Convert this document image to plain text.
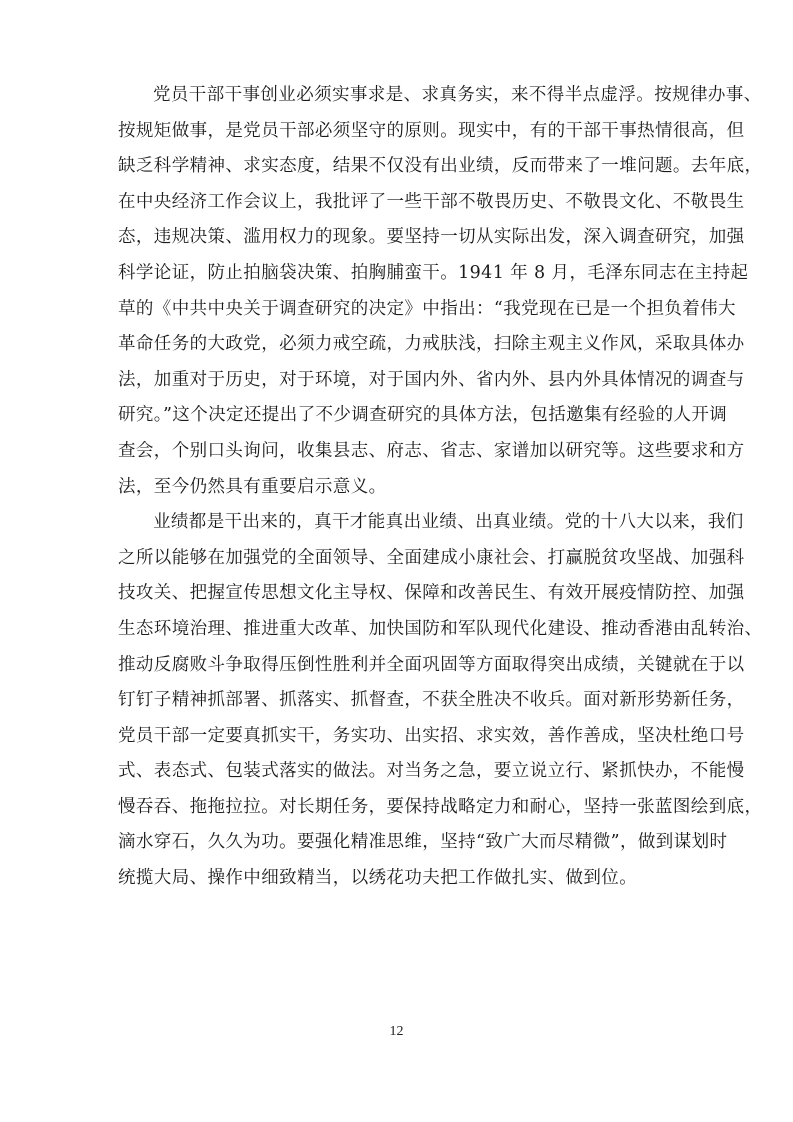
党员干部干事创业必须实事求是、求真务实，来不得半点虚浮。按规律办事、
按规矩做事，是党员干部必须坚守的原则。现实中，有的干部干事热情很高，但
缺乏科学精神、求实态度，结果不仅没有出业绩，反而带来了一堆问题。去年底，
在中央经济工作会议上，我批评了一些干部不敬畏历史、不敬畏文化、不敬畏生
态，违规决策、滥用权力的现象。要坚持一切从实际出发，深入调查研究，加强
科学论证，防止拍脑袋决策、拍胸脯蛮干。1941 年 8 月，毛泽东同志在主持起
草的《中共中央关于调查研究的决定》中指出：“我党现在已是一个担负着伟大
革命任务的大政党，必须力戒空疏，力戒肤浅，扫除主观主义作风，采取具体办
法，加重对于历史，对于环境，对于国内外、省内外、县内外具体情况的调查与
研究。”这个决定还提出了不少调查研究的具体方法，包括邀集有经验的人开调
查会，个别口头询问，收集县志、府志、省志、家谱加以研究等。这些要求和方
法，至今仍然具有重要启示意义。
业绩都是干出来的，真干才能真出业绩、出真业绩。党的十八大以来，我们
之所以能够在加强党的全面领导、全面建成小康社会、打赢脱贫攻坚战、加强科
技攻关、把握宣传思想文化主导权、保障和改善民生、有效开展疫情防控、加强
生态环境治理、推进重大改革、加快国防和军队现代化建设、推动香港由乱转治、
推动反腐败斗争取得压倒性胜利并全面巩固等方面取得突出成绩，关键就在于以
钉钉子精神抓部署、抓落实、抓督查，不获全胜决不收兵。面对新形势新任务，
党员干部一定要真抓实干，务实功、出实招、求实效，善作善成，坚决杜绝口号
式、表态式、包装式落实的做法。对当务之急，要立说立行、紧抓快办，不能慢
慢吞吞、拖拖拉拉。对长期任务，要保持战略定力和耐心，坚持一张蓝图绘到底，
滴水穿石，久久为功。要强化精准思维，坚持“致广大而尽精微”，做到谋划时
统揽大局、操作中细致精当，以绣花功夫把工作做扎实、做到位。
12
